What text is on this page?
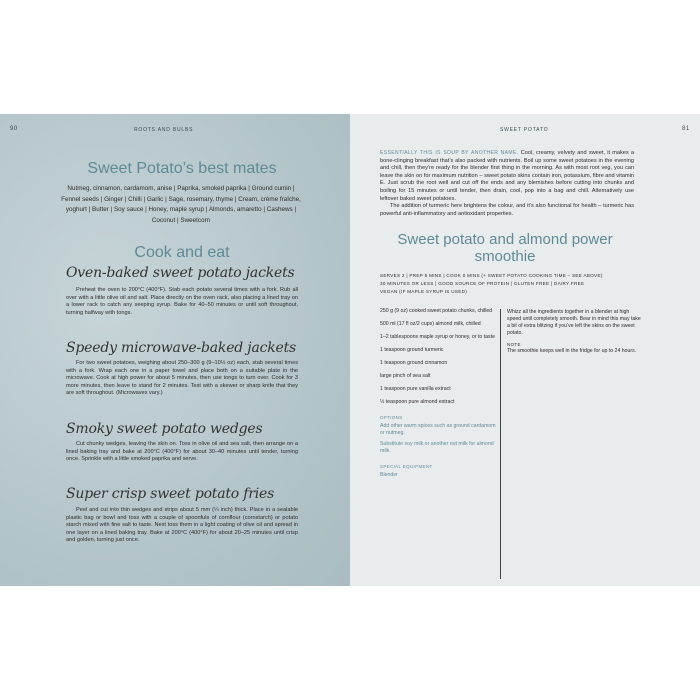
90	ROOTS AND BULBS
Sweet Potato’s best mates
Nutmeg, cinnamon, cardamom, anise | Paprika, smoked paprika | Ground cumin | Fennel seeds | Ginger | Chilli | Garlic | Sage, rosemary, thyme | Cream, crème fraîche, yoghurt | Butter | Soy sauce | Honey, maple syrup | Almonds, amaretto | Cashews | Coconut | Sweetcorn
Cook and eat
Oven-baked sweet potato jackets
Preheat the oven to 200°C (400°F). Stab each potato several times with a fork. Rub all over with a little olive oil and salt. Place directly on the oven rack, also placing a lined tray on a lower rack to catch any seeping syrup. Bake for 40–50 minutes or until soft throughout, turning halfway with tongs.
Speedy microwave-baked jackets
For two sweet potatoes, weighing about 250–300 g (9–10½ oz) each, stab several times with a fork. Wrap each one in a paper towel and place both on a suitable plate in the microwave. Cook at high power for about 5 minutes, then use tongs to turn over. Cook for 3 more minutes, then leave to stand for 2 minutes. Test with a skewer or sharp knife that they are soft throughout. (Microwaves vary.)
Smoky sweet potato wedges
Cut chunky wedges, leaving the skin on. Toss in olive oil and sea salt, then arrange on a lined baking tray and bake at 200°C (400°F) for about 30–40 minutes until tender, turning once. Sprinkle with a little smoked paprika and serve.
Super crisp sweet potato fries
Peel and cut into thin wedges and strips about 5 mm (¼ inch) thick. Place in a sealable plastic bag or bowl and toss with a couple of spoonfuls of cornflour (cornstarch) or potato starch mixed with fine salt to taste. Next toss them in a light coating of olive oil and spread in one layer on a lined baking tray. Bake at 200°C (400°F) for about 20–25 minutes until crisp and golden, turning just once.
SWEET POTATO	81
ESSENTIALLY THIS IS SOUP BY ANOTHER NAME. Cool, creamy, velvety and sweet, it makes a bone-clinging breakfast that’s also packed with nutrients. Boil up some sweet potatoes in the evening and chill, then they’re ready for the blender first thing in the morning. As with most root veg, you can leave the skin on for maximum nutrition – sweet potato skins contain iron, potassium, fibre and vitamin E. Just scrub the root well and cut off the ends and any blemishes before cutting into chunks and boiling for 15 minutes or until tender, then drain, cool, pop into a bag and chill. Alternatively use leftover baked sweet potatoes.
The addition of turmeric here brightens the colour, and it’s also functional for health – turmeric has powerful anti-inflammatory and antioxidant properties.
Sweet potato and almond power smoothie
SERVES 2 | PREP 5 MINS | COOK 0 MINS (+ SWEET POTATO COOKING TIME – SEE ABOVE)
30 MINUTES OR LESS | GOOD SOURCE OF PROTEIN | GLUTEN FREE | DAIRY FREE
VEGAN (IF MAPLE SYRUP IS USED)
250 g (9 oz) cooked sweet potato chunks, chilled
500 ml (17 fl oz/2 cups) almond milk, chilled
1–2 tablespoons maple syrup or honey, or to taste
1 teaspoon ground turmeric
1 teaspoon ground cinnamon
large pinch of sea salt
1 teaspoon pure vanilla extract
½ teaspoon pure almond extract
OPTIONS
Add other warm spices such as ground cardamom or nutmeg.
Substitute soy milk or another nut milk for almond milk.
SPECIAL EQUIPMENT
Blender
Whizz all the ingredients together in a blender at high speed until completely smooth. Bear in mind this may take a bit of extra blitzing if you’ve left the skins on the sweet potato.
NOTE
The smoothie keeps well in the fridge for up to 24 hours.
